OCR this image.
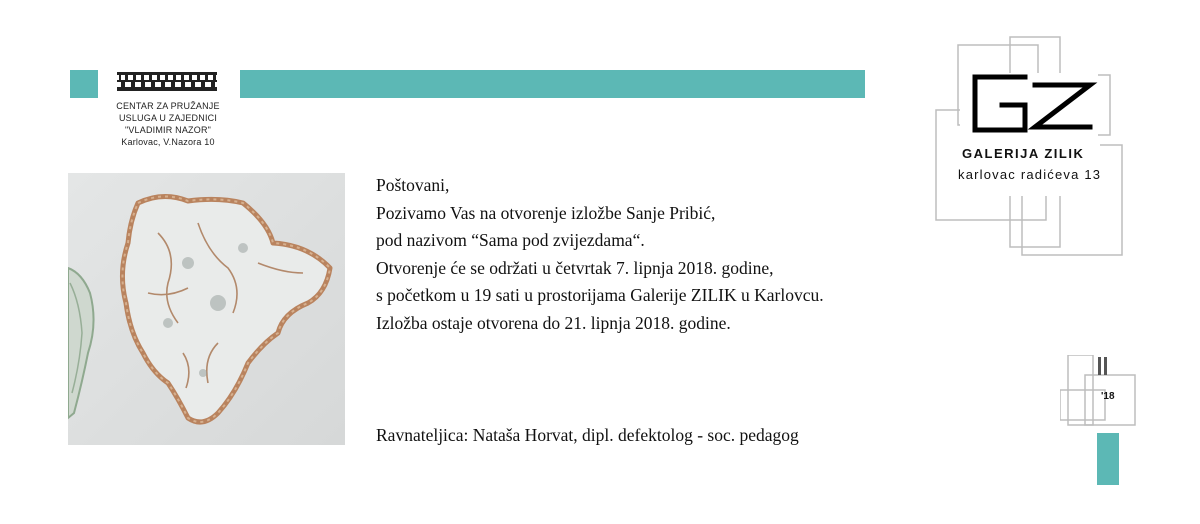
CENTAR ZA PRUŽANJE
USLUGA U ZAJEDNICI
"VLADIMIR NAZOR"
Karlovac, V.Nazora 10
Poštovani,
Pozivamo Vas na otvorenje izložbe Sanje Pribić,
pod nazivom “Sama pod zvijezdama“.
Otvorenje će se održati u četvrtak 7. lipnja 2018. godine,
s početkom u 19 sati u prostorijama Galerije ZILIK u Karlovcu.
Izložba ostaje otvorena do 21. lipnja 2018. godine.
Ravnateljica: Nataša Horvat, dipl. defektolog - soc. pedagog
GALERIJA ZILIK
karlovac radićeva 13
'18
